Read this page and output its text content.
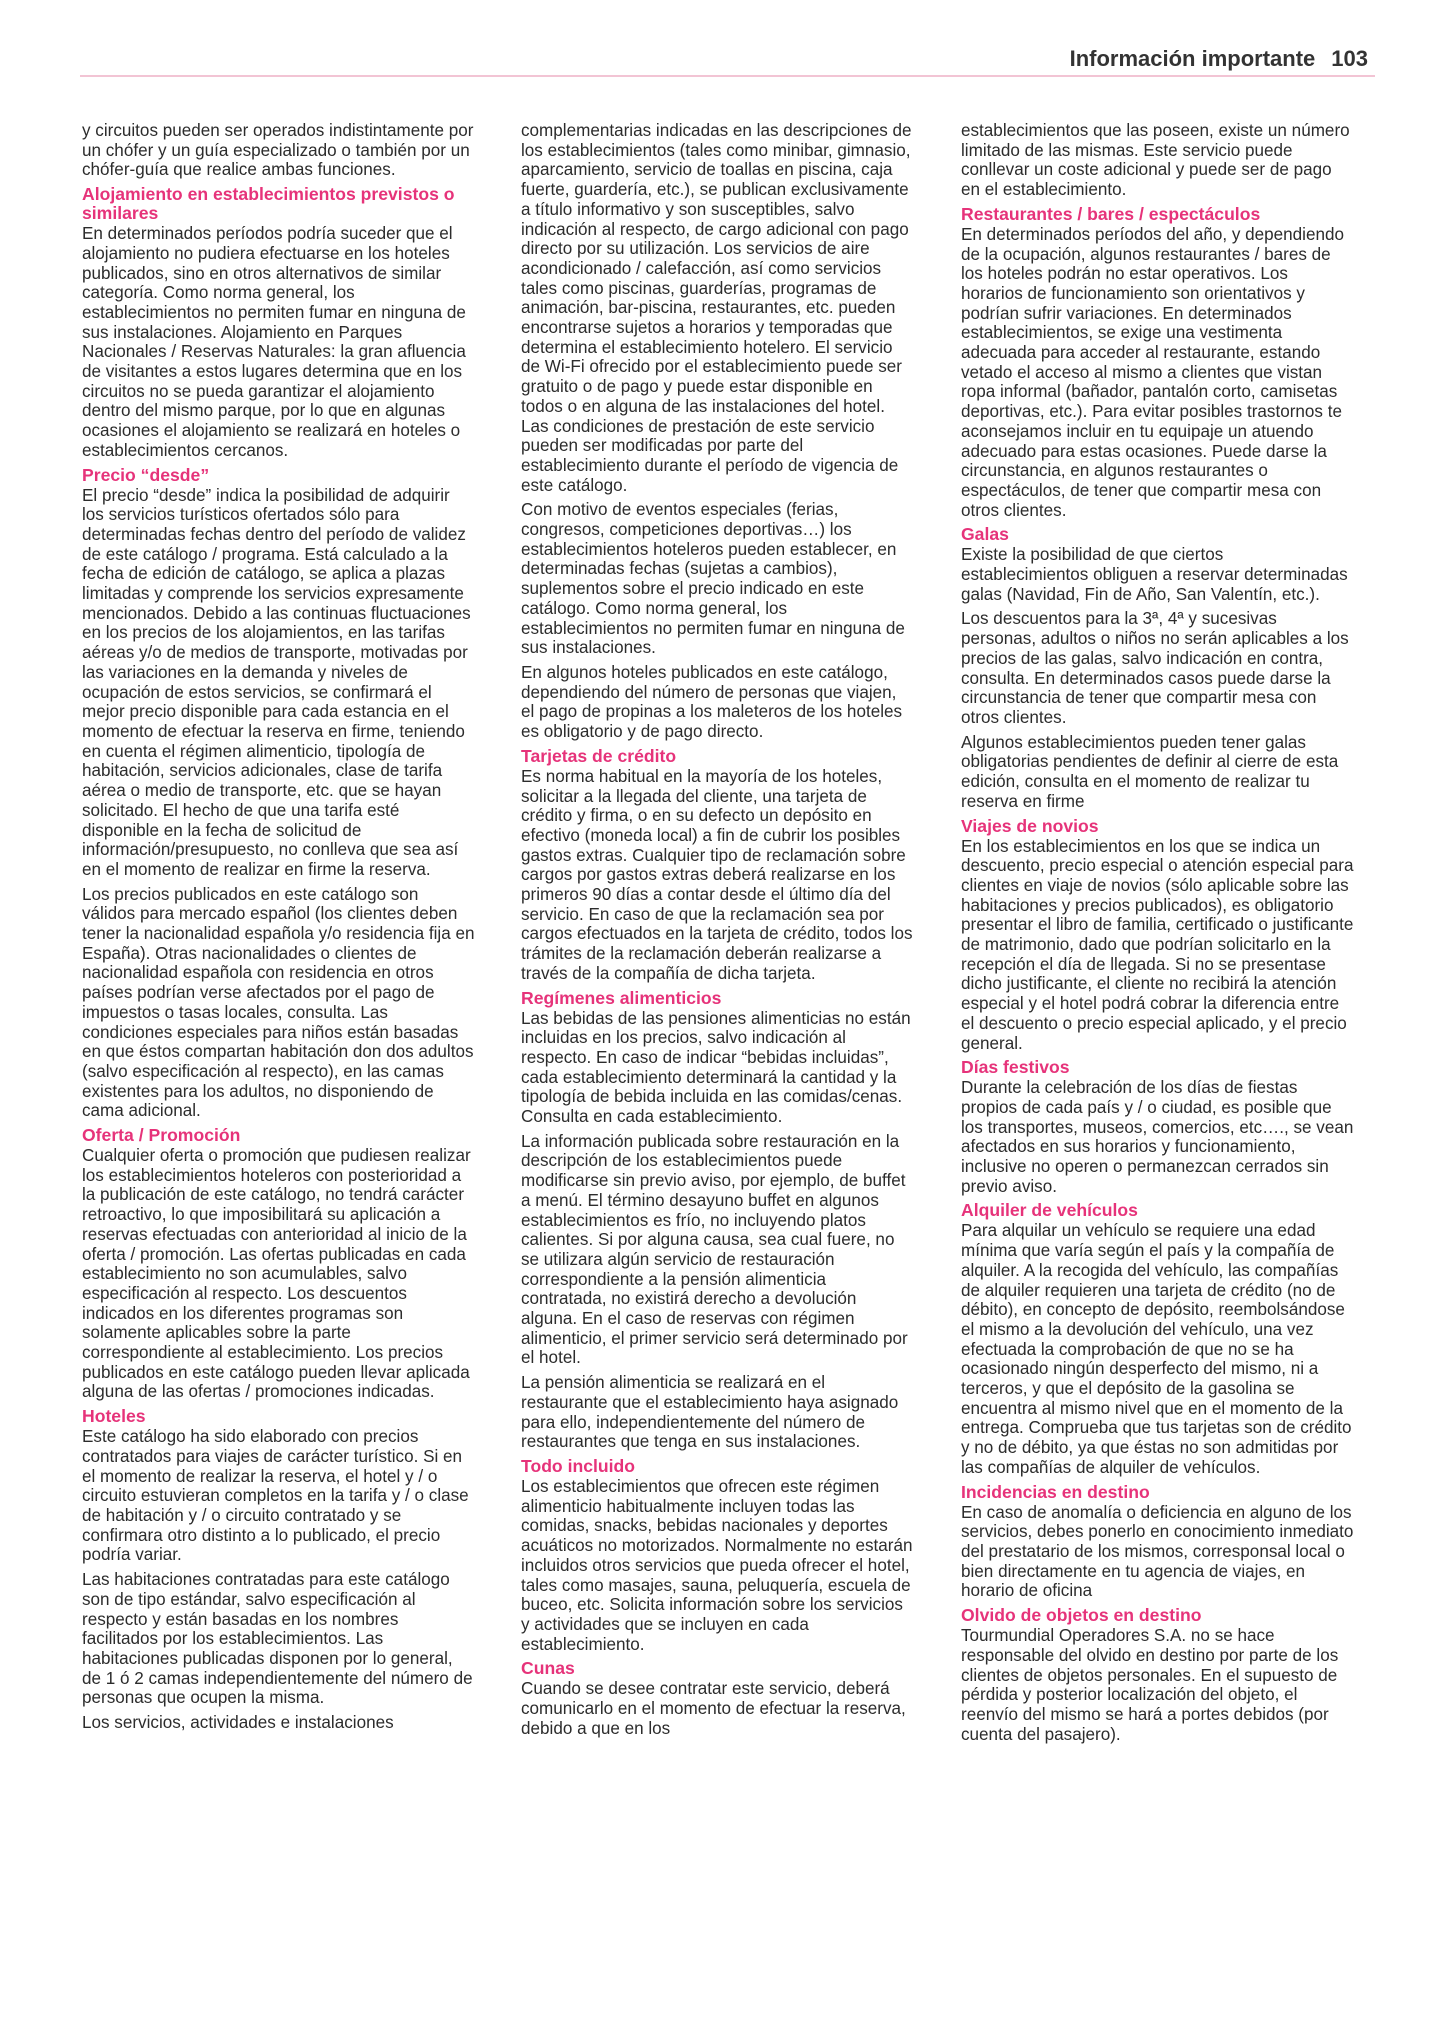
Información importante 103

y circuitos pueden ser operados indistintamente por un chófer y un guía especializado o también por un chófer-guía que realice ambas funciones.

Alojamiento en establecimientos previstos o similares

En determinados períodos podría suceder que el alojamiento no pudiera efectuarse en los hoteles publicados, sino en otros alternativos de similar categoría. Como norma general, los establecimientos no permiten fumar en ninguna de sus instalaciones. Alojamiento en Parques Nacionales / Reservas Naturales: la gran afluencia de visitantes a estos lugares determina que en los circuitos no se pueda garantizar el alojamiento dentro del mismo parque, por lo que en algunas ocasiones el alojamiento se realizará en hoteles o establecimientos cercanos.

Precio “desde”

El precio “desde” indica la posibilidad de adquirir los servicios turísticos ofertados sólo para determinadas fechas dentro del período de validez de este catálogo / programa. Está calculado a la fecha de edición de catálogo, se aplica a plazas limitadas y comprende los servicios expresamente mencionados. Debido a las continuas fluctuaciones en los precios de los alojamientos, en las tarifas aéreas y/o de medios de transporte, motivadas por las variaciones en la demanda y niveles de ocupación de estos servicios, se confirmará el mejor precio disponible para cada estancia en el momento de efectuar la reserva en firme, teniendo en cuenta el régimen alimenticio, tipología de habitación, servicios adicionales, clase de tarifa aérea o medio de transporte, etc. que se hayan solicitado. El hecho de que una tarifa esté disponible en la fecha de solicitud de información/presupuesto, no conlleva que sea así en el momento de realizar en firme la reserva.

Los precios publicados en este catálogo son válidos para mercado español (los clientes deben tener la nacionalidad española y/o residencia fija en España). Otras nacionalidades o clientes de nacionalidad española con residencia en otros países podrían verse afectados por el pago de impuestos o tasas locales, consulta. Las condiciones especiales para niños están basadas en que éstos compartan habitación don dos adultos (salvo especificación al respecto), en las camas existentes para los adultos, no disponiendo de cama adicional.

Oferta / Promoción

Cualquier oferta o promoción que pudiesen realizar los establecimientos hoteleros con posterioridad a la publicación de este catálogo, no tendrá carácter retroactivo, lo que imposibilitará su aplicación a reservas efectuadas con anterioridad al inicio de la oferta / promoción. Las ofertas publicadas en cada establecimiento no son acumulables, salvo especificación al respecto. Los descuentos indicados en los diferentes programas son solamente aplicables sobre la parte correspondiente al establecimiento. Los precios publicados en este catálogo pueden llevar aplicada alguna de las ofertas / promociones indicadas.

Hoteles

Este catálogo ha sido elaborado con precios contratados para viajes de carácter turístico. Si en el momento de realizar la reserva, el hotel y / o circuito estuvieran completos en la tarifa y / o clase de habitación y / o circuito contratado y se confirmara otro distinto a lo publicado, el precio podría variar.

Las habitaciones contratadas para este catálogo son de tipo estándar, salvo especificación al respecto y están basadas en los nombres facilitados por los establecimientos. Las habitaciones publicadas disponen por lo general, de 1 ó 2 camas independientemente del número de personas que ocupen la misma.

Los servicios, actividades e instalaciones

complementarias indicadas en las descripciones de los establecimientos (tales como minibar, gimnasio, aparcamiento, servicio de toallas en piscina, caja fuerte, guardería, etc.), se publican exclusivamente a título informativo y son susceptibles, salvo indicación al respecto, de cargo adicional con pago directo por su utilización. Los servicios de aire acondicionado / calefacción, así como servicios tales como piscinas, guarderías, programas de animación, bar-piscina, restaurantes, etc. pueden encontrarse sujetos a horarios y temporadas que determina el establecimiento hotelero. El servicio de Wi-Fi ofrecido por el establecimiento puede ser gratuito o de pago y puede estar disponible en todos o en alguna de las instalaciones del hotel. Las condiciones de prestación de este servicio pueden ser modificadas por parte del establecimiento durante el período de vigencia de este catálogo.

Con motivo de eventos especiales (ferias, congresos, competiciones deportivas…) los establecimientos hoteleros pueden establecer, en determinadas fechas (sujetas a cambios), suplementos sobre el precio indicado en este catálogo. Como norma general, los establecimientos no permiten fumar en ninguna de sus instalaciones.

En algunos hoteles publicados en este catálogo, dependiendo del número de personas que viajen, el pago de propinas a los maleteros de los hoteles es obligatorio y de pago directo.

Tarjetas de crédito

Es norma habitual en la mayoría de los hoteles, solicitar a la llegada del cliente, una tarjeta de crédito y firma, o en su defecto un depósito en efectivo (moneda local) a fin de cubrir los posibles gastos extras. Cualquier tipo de reclamación sobre cargos por gastos extras deberá realizarse en los primeros 90 días a contar desde el último día del servicio. En caso de que la reclamación sea por cargos efectuados en la tarjeta de crédito, todos los trámites de la reclamación deberán realizarse a través de la compañía de dicha tarjeta.

Regímenes alimenticios

Las bebidas de las pensiones alimenticias no están incluidas en los precios, salvo indicación al respecto. En caso de indicar “bebidas incluidas”, cada establecimiento determinará la cantidad y la tipología de bebida incluida en las comidas/cenas. Consulta en cada establecimiento.

La información publicada sobre restauración en la descripción de los establecimientos puede modificarse sin previo aviso, por ejemplo, de buffet a menú. El término desayuno buffet en algunos establecimientos es frío, no incluyendo platos calientes. Si por alguna causa, sea cual fuere, no se utilizara algún servicio de restauración correspondiente a la pensión alimenticia contratada, no existirá derecho a devolución alguna. En el caso de reservas con régimen alimenticio, el primer servicio será determinado por el hotel.

La pensión alimenticia se realizará en el restaurante que el establecimiento haya asignado para ello, independientemente del número de restaurantes que tenga en sus instalaciones.

Todo incluido

Los establecimientos que ofrecen este régimen alimenticio habitualmente incluyen todas las comidas, snacks, bebidas nacionales y deportes acuáticos no motorizados. Normalmente no estarán incluidos otros servicios que pueda ofrecer el hotel, tales como masajes, sauna, peluquería, escuela de buceo, etc. Solicita información sobre los servicios y actividades que se incluyen en cada establecimiento.

Cunas

Cuando se desee contratar este servicio, deberá comunicarlo en el momento de efectuar la reserva, debido a que en los

establecimientos que las poseen, existe un número limitado de las mismas. Este servicio puede conllevar un coste adicional y puede ser de pago en el establecimiento.

Restaurantes / bares / espectáculos

En determinados períodos del año, y dependiendo de la ocupación, algunos restaurantes / bares de los hoteles podrán no estar operativos. Los horarios de funcionamiento son orientativos y podrían sufrir variaciones. En determinados establecimientos, se exige una vestimenta adecuada para acceder al restaurante, estando vetado el acceso al mismo a clientes que vistan ropa informal (bañador, pantalón corto, camisetas deportivas, etc.). Para evitar posibles trastornos te aconsejamos incluir en tu equipaje un atuendo adecuado para estas ocasiones. Puede darse la circunstancia, en algunos restaurantes o espectáculos, de tener que compartir mesa con otros clientes.

Galas

Existe la posibilidad de que ciertos establecimientos obliguen a reservar determinadas galas (Navidad, Fin de Año, San Valentín, etc.).

Los descuentos para la 3ª, 4ª y sucesivas personas, adultos o niños no serán aplicables a los precios de las galas, salvo indicación en contra, consulta. En determinados casos puede darse la circunstancia de tener que compartir mesa con otros clientes.

Algunos establecimientos pueden tener galas obligatorias pendientes de definir al cierre de esta edición, consulta en el momento de realizar tu reserva en firme

Viajes de novios

En los establecimientos en los que se indica un descuento, precio especial o atención especial para clientes en viaje de novios (sólo aplicable sobre las habitaciones y precios publicados), es obligatorio presentar el libro de familia, certificado o justificante de matrimonio, dado que podrían solicitarlo en la recepción el día de llegada. Si no se presentase dicho justificante, el cliente no recibirá la atención especial y el hotel podrá cobrar la diferencia entre el descuento o precio especial aplicado, y el precio general.

Días festivos

Durante la celebración de los días de fiestas propios de cada país y / o ciudad, es posible que los transportes, museos, comercios, etc…., se vean afectados en sus horarios y funcionamiento, inclusive no operen o permanezcan cerrados sin previo aviso.

Alquiler de vehículos

Para alquilar un vehículo se requiere una edad mínima que varía según el país y la compañía de alquiler. A la recogida del vehículo, las compañías de alquiler requieren una tarjeta de crédito (no de débito), en concepto de depósito, reembolsándose el mismo a la devolución del vehículo, una vez efectuada la comprobación de que no se ha ocasionado ningún desperfecto del mismo, ni a terceros, y que el depósito de la gasolina se encuentra al mismo nivel que en el momento de la entrega. Comprueba que tus tarjetas son de crédito y no de débito, ya que éstas no son admitidas por las compañías de alquiler de vehículos.

Incidencias en destino

En caso de anomalía o deficiencia en alguno de los servicios, debes ponerlo en conocimiento inmediato del prestatario de los mismos, corresponsal local o bien directamente en tu agencia de viajes, en horario de oficina

Olvido de objetos en destino

Tourmundial Operadores S.A. no se hace responsable del olvido en destino por parte de los clientes de objetos personales. En el supuesto de pérdida y posterior localización del objeto, el reenvío del mismo se hará a portes debidos (por cuenta del pasajero).
